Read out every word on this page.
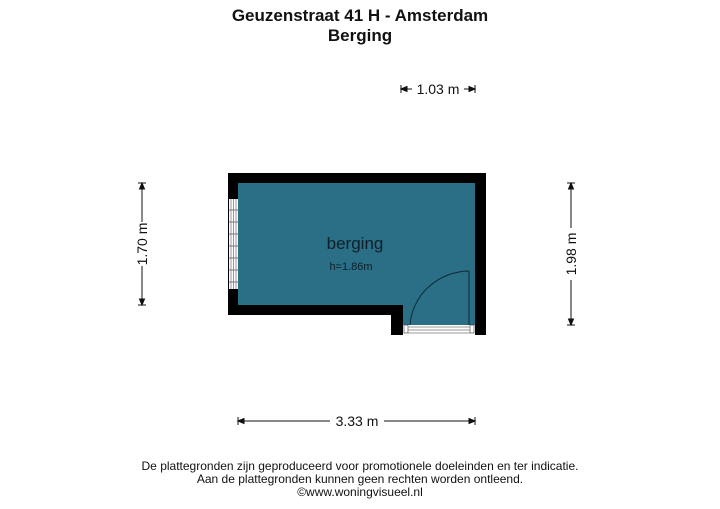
Geuzenstraat 41 H - Amsterdam
Berging
berging
h=1.86m
1.03 m
1.70 m	1.98 m
3.33 m
De plattegronden zijn geproduceerd voor promotionele doeleinden en ter indicatie.
Aan de plattegronden kunnen geen rechten worden ontleend.
©www.woningvisueel.nl
